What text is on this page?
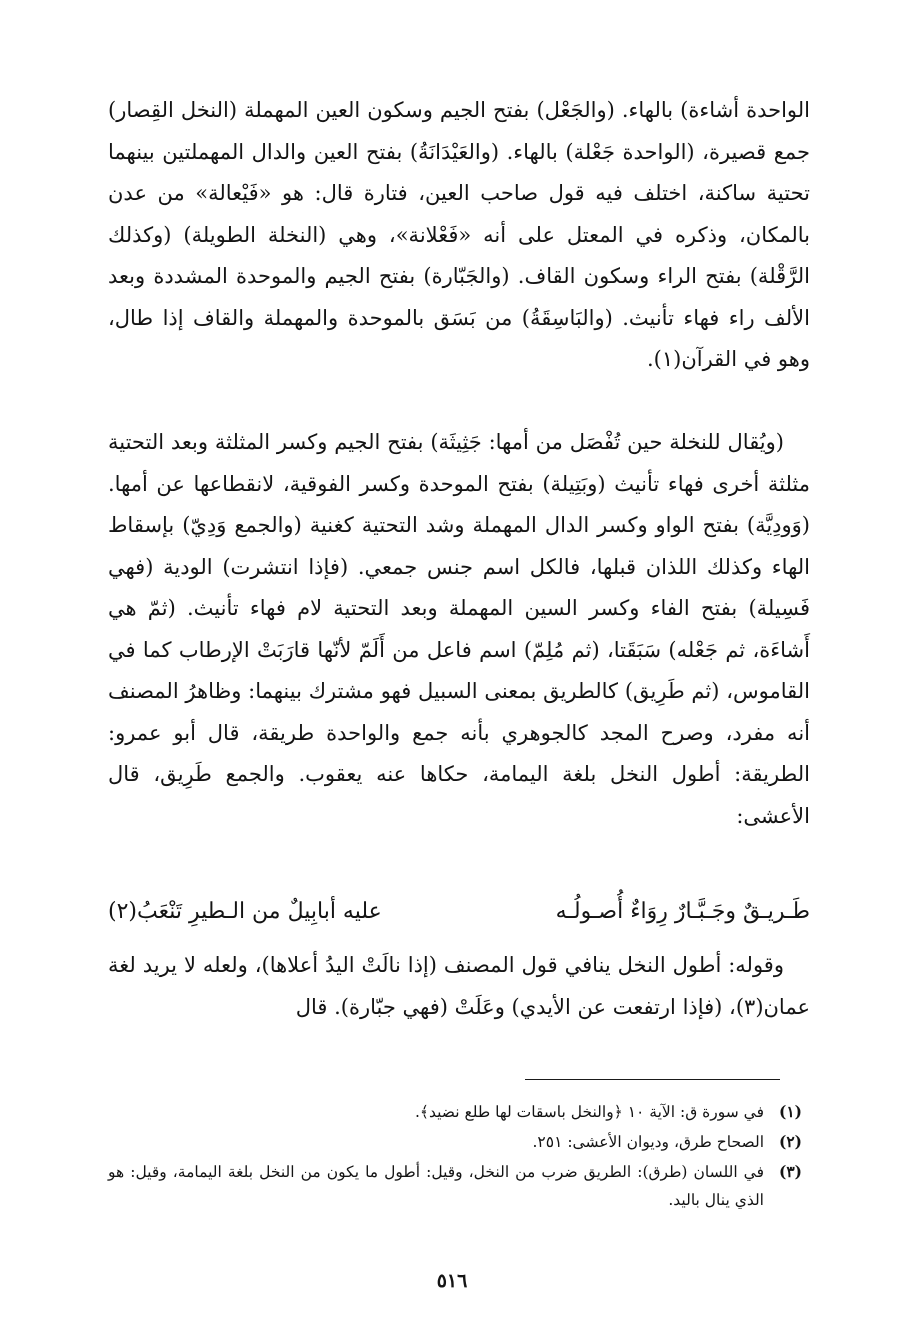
الواحدة أشاءة) بالهاء. (والجَعْل) بفتح الجيم وسكون العين المهملة (النخل القِصار) جمع قصيرة، (الواحدة جَعْلة) بالهاء. (والعَيْدَانَةُ) بفتح العين والدال المهملتين بينهما تحتية ساكنة، اختلف فيه قول صاحب العين، فتارة قال: هو «فَيْعالة» من عدن بالمكان، وذكره في المعتل على أنه «فَعْلانة»، وهي (النخلة الطويلة) (وكذلك الرَّقْلة) بفتح الراء وسكون القاف. (والجَبّارة) بفتح الجيم والموحدة المشددة وبعد الألف راء فهاء تأنيث. (والبَاسِقَةُ) من بَسَق بالموحدة والمهملة والقاف إذا طال، وهو في القرآن(١).

(ويُقال للنخلة حين تُفْصَل من أمها: جَثِيثَة) بفتح الجيم وكسر المثلثة وبعد التحتية مثلثة أخرى فهاء تأنيث (وبَتِيلة) بفتح الموحدة وكسر الفوقية، لانقطاعها عن أمها. (وَودِيَّة) بفتح الواو وكسر الدال المهملة وشد التحتية كغنية (والجمع وَدِيّ) بإسقاط الهاء وكذلك اللذان قبلها، فالكل اسم جنس جمعي. (فإذا انتشرت) الودية (فهي فَسِيلة) بفتح الفاء وكسر السين المهملة وبعد التحتية لام فهاء تأنيث. (ثمّ هي أَشاءَة، ثم جَعْله) سَبَقَتا، (ثم مُلِمّ) اسم فاعل من أَلَمّ لأنّها قارَبَتْ الإرطاب كما في القاموس، (ثم طَرِيق) كالطريق بمعنى السبيل فهو مشترك بينهما: وظاهرُ المصنف أنه مفرد، وصرح المجد كالجوهري بأنه جمع والواحدة طريقة، قال أبو عمرو: الطريقة: أطول النخل بلغة اليمامة، حكاها عنه يعقوب. والجمع طَرِيق، قال الأعشى:

طَـريـقٌ وجَـبَّـارٌ رِوَاءٌ أُصـولُـه
عليه أبابِيلٌ من الـطيرِ تَنْعَبُ(٢)

وقوله: أطول النخل ينافي قول المصنف (إذا نالَتْ اليدُ أعلاها)، ولعله لا يريد لغة عمان(٣)، (فإذا ارتفعت عن الأيدي) وعَلَتْ (فهي جبّارة). قال

(١)
في سورة ق: الآية ١٠ ﴿والنخل باسقات لها طلع نضيد﴾.
(٢)
الصحاح طرق، وديوان الأعشى: ٢٥١.
(٣)
في اللسان (طرق): الطريق ضرب من النخل، وقيل: أطول ما يكون من النخل بلغة اليمامة، وقيل: هو الذي ينال باليد.
٥١٦
